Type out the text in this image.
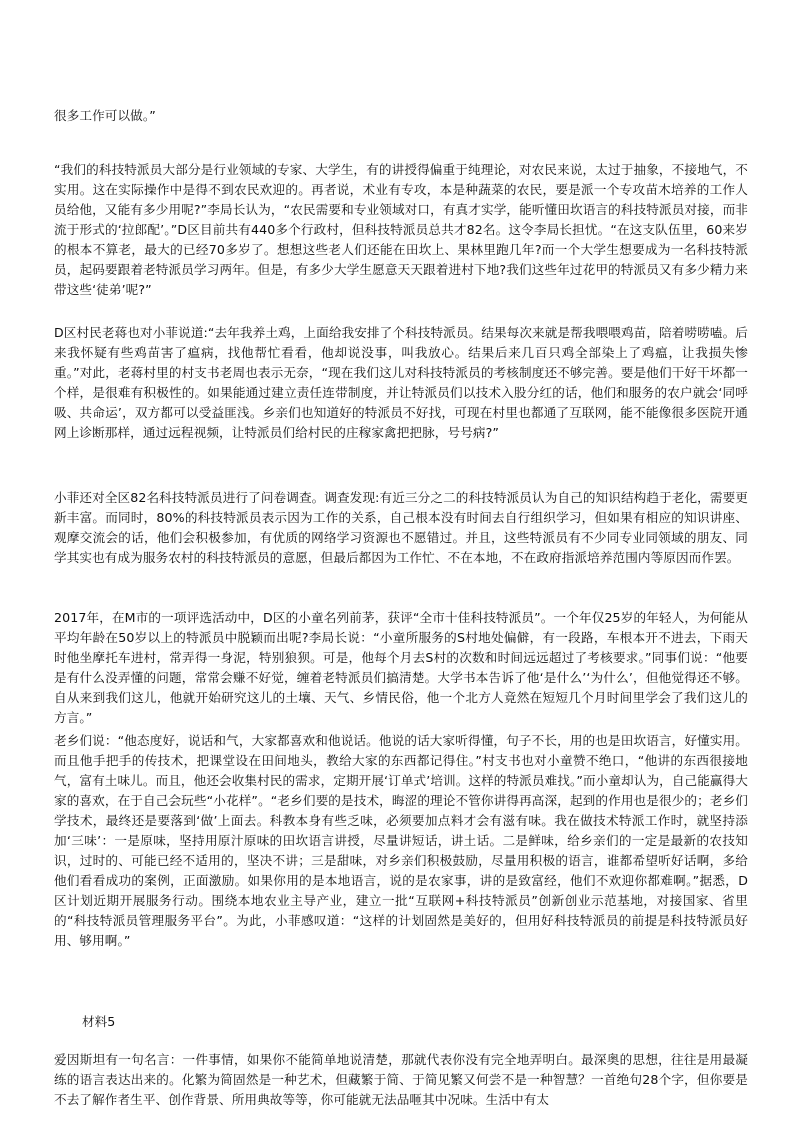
很多工作可以做。”

“我们的科技特派员大部分是行业领域的专家、大学生，有的讲授得偏重于纯理论，对农民来说，太过于抽象，不接地气，不实用。这在实际操作中是得不到农民欢迎的。再者说，术业有专攻，本是种蔬菜的农民，要是派一个专攻苗木培养的工作人员给他，又能有多少用呢?”李局长认为，“农民需要和专业领域对口，有真才实学，能听懂田坎语言的科技特派员对接，而非流于形式的‘拉郎配’。”D区目前共有440多个行政村，但科技特派员总共才82名。这令李局长担忧。“在这支队伍里，60来岁的根本不算老，最大的已经70多岁了。想想这些老人们还能在田坎上、果林里跑几年?而一个大学生想要成为一名科技特派员，起码要跟着老特派员学习两年。但是，有多少大学生愿意天天跟着进村下地?我们这些年过花甲的特派员又有多少精力来带这些‘徒弟’呢?”

D区村民老蒋也对小菲说道:“去年我养土鸡，上面给我安排了个科技特派员。结果每次来就是帮我喂喂鸡苗，陪着唠唠嗑。后来我怀疑有些鸡苗害了瘟病，找他帮忙看看，他却说没事，叫我放心。结果后来几百只鸡全部染上了鸡瘟，让我损失惨重。”对此，老蒋村里的村支书老周也表示无奈，“现在我们这儿对科技特派员的考核制度还不够完善。要是他们干好干坏都一个样，是很难有积极性的。如果能通过建立责任连带制度，并让特派员们以技术入股分红的话，他们和服务的农户就会‘同呼吸、共命运’，双方都可以受益匪浅。乡亲们也知道好的特派员不好找，可现在村里也都通了互联网，能不能像很多医院开通网上诊断那样，通过远程视频，让特派员们给村民的庄稼家禽把把脉，号号病?”

小菲还对全区82名科技特派员进行了问卷调查。调查发现:有近三分之二的科技特派员认为自己的知识结构趋于老化，需要更新丰富。而同时，80%的科技特派员表示因为工作的关系，自己根本没有时间去自行组织学习，但如果有相应的知识讲座、观摩交流会的话，他们会积极参加，有优质的网络学习资源也不愿错过。并且，这些特派员有不少同专业同领域的朋友、同学其实也有成为服务农村的科技特派员的意愿，但最后都因为工作忙、不在本地，不在政府指派培养范围内等原因而作罢。

2017年，在M市的一项评选活动中，D区的小童名列前茅，获评“全市十佳科技特派员”。一个年仅25岁的年轻人，为何能从平均年龄在50岁以上的特派员中脱颖而出呢?李局长说：“小童所服务的S村地处偏僻，有一段路，车根本开不进去，下雨天时他坐摩托车进村，常弄得一身泥，特别狼狈。可是，他每个月去S村的次数和时间远远超过了考核要求。”同事们说：“他要是有什么没弄懂的问题，常常会赚不好觉，缠着老特派员们搞清楚。大学书本告诉了他‘是什么’‘为什么’，但他觉得还不够。自从来到我们这儿，他就开始研究这儿的土壤、天气、乡情民俗，他一个北方人竟然在短短几个月时间里学会了我们这儿的方言。”

老乡们说：“他态度好，说话和气，大家都喜欢和他说话。他说的话大家听得懂，句子不长，用的也是田坎语言，好懂实用。而且他手把手的传技术，把课堂设在田间地头，教给大家的东西都记得住。”村支书也对小童赞不绝口，“他讲的东西很接地气，富有土味儿。而且，他还会收集村民的需求，定期开展‘订单式’培训。这样的特派员难找。”而小童却认为，自己能赢得大家的喜欢，在于自己会玩些“小花样”。“老乡们要的是技术，晦涩的理论不管你讲得再高深，起到的作用也是很少的；老乡们学技术，最终还是要落到‘做’上面去。科教本身有些乏味，必须要加点料才会有滋有味。我在做技术特派工作时，就坚持添加‘三味’：一是原味，坚持用原汁原味的田坎语言讲授，尽量讲短话，讲土话。二是鲜味，给乡亲们的一定是最新的农技知识，过时的、可能已经不适用的，坚决不讲；三是甜味，对乡亲们积极鼓励，尽量用积极的语言，谁都希望听好话啊，多给他们看看成功的案例，正面激励。如果你用的是本地语言，说的是农家事，讲的是致富经，他们不欢迎你都难啊。”据悉，D区计划近期开展服务行动。围绕本地农业主导产业，建立一批“互联网+科技特派员”创新创业示范基地，对接国家、省里的“科技特派员管理服务平台”。为此，小菲感叹道：“这样的计划固然是美好的，但用好科技特派员的前提是科技特派员好用、够用啊。”

材料5

爱因斯坦有一句名言：一件事情，如果你不能简单地说清楚，那就代表你没有完全地弄明白。最深奥的思想，往往是用最凝练的语言表达出来的。化繁为简固然是一种艺术，但藏繁于简、于简见繁又何尝不是一种智慧？一首绝句28个字，但你要是不去了解作者生平、创作背景、所用典故等等，你可能就无法品咂其中况味。生活中有太
